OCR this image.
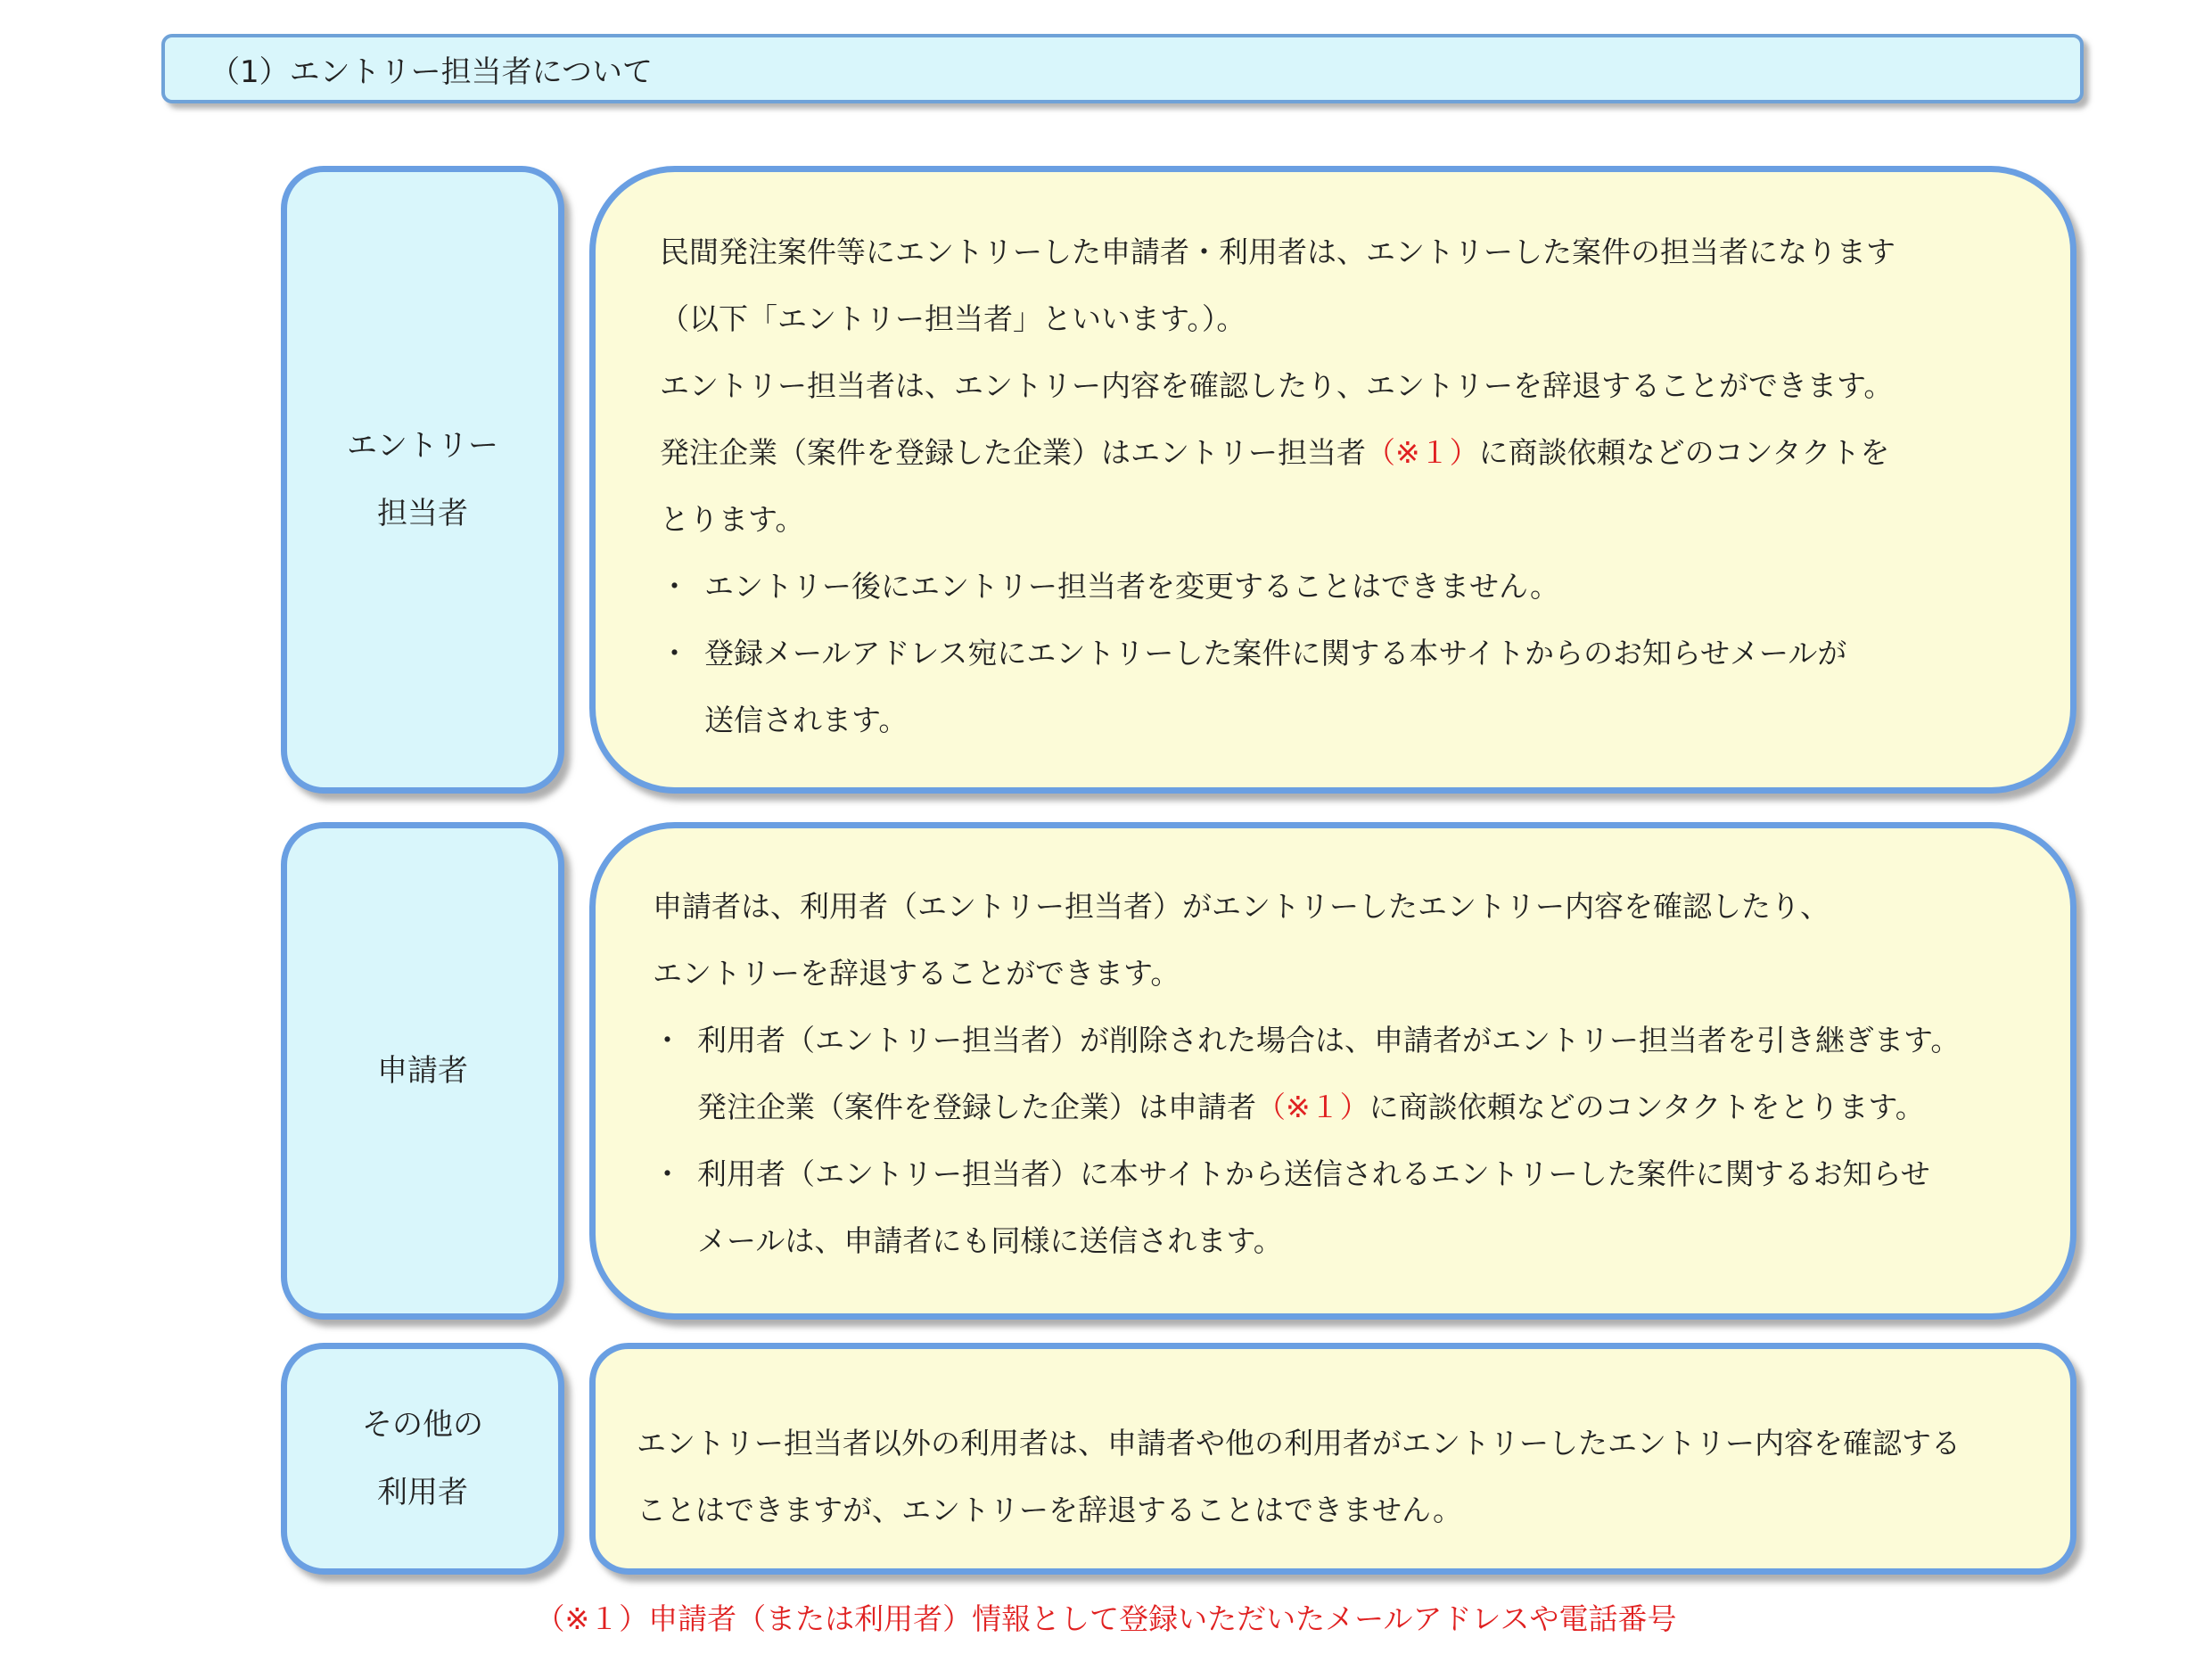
（1）エントリー担当者について
エントリー
担当者
民間発注案件等にエントリーした申請者・利用者は、エントリーした案件の担当者になります
（以下「エントリー担当者」といいます。）。
エントリー担当者は、エントリー内容を確認したり、エントリーを辞退することができます。
発注企業（案件を登録した企業）はエントリー担当者（※１）に商談依頼などのコンタクトを
とります。
・ エントリー後にエントリー担当者を変更することはできません。
・ 登録メールアドレス宛にエントリーした案件に関する本サイトからのお知らせメールが
送信されます。
申請者
申請者は、利用者（エントリー担当者）がエントリーしたエントリー内容を確認したり、
エントリーを辞退することができます。
・ 利用者（エントリー担当者）が削除された場合は、申請者がエントリー担当者を引き継ぎます。
発注企業（案件を登録した企業）は申請者（※１）に商談依頼などのコンタクトをとります。
・ 利用者（エントリー担当者）に本サイトから送信されるエントリーした案件に関するお知らせ
メールは、申請者にも同様に送信されます。
その他の
利用者
エントリー担当者以外の利用者は、申請者や他の利用者がエントリーしたエントリー内容を確認する
ことはできますが、エントリーを辞退することはできません。
（※１）申請者（または利用者）情報として登録いただいたメールアドレスや電話番号
